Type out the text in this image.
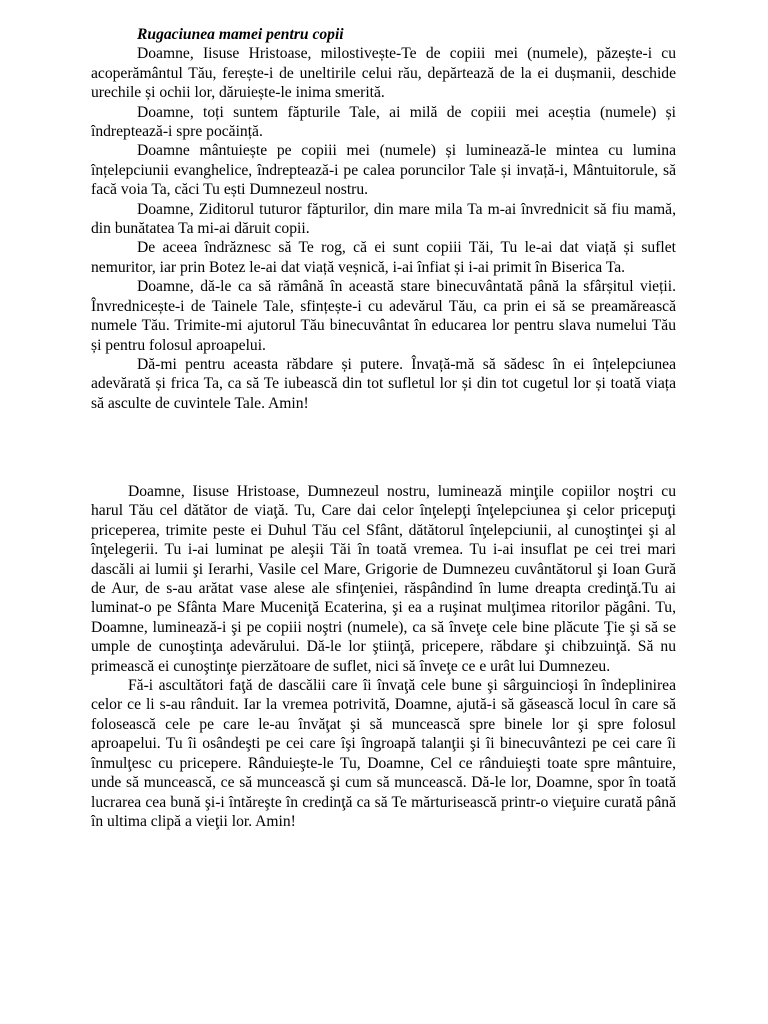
Rugaciunea mamei pentru copii

Doamne, Iisuse Hristoase, milostivește-Te de copiii mei (numele), păzește-i cu acoperământul Tău, ferește-i de uneltirile celui rău, depărtează de la ei dușmanii, deschide urechile și ochii lor, dăruiește-le inima smerită.

Doamne, toți suntem făpturile Tale, ai milă de copiii mei aceștia (numele) și îndreptează-i spre pocăință.

Doamne mântuiește pe copiii mei (numele) și luminează-le mintea cu lumina înțelepciunii evanghelice, îndreptează-i pe calea poruncilor Tale și invață-i, Mântuitorule, să facă voia Ta, căci Tu ești Dumnezeul nostru.

Doamne, Ziditorul tuturor făpturilor, din mare mila Ta m-ai învrednicit să fiu mamă, din bunătatea Ta mi-ai dăruit copii.

De aceea îndrăznesc să Te rog, că ei sunt copiii Tăi, Tu le-ai dat viață și suflet nemuritor, iar prin Botez le-ai dat viață veșnică, i-ai înfiat și i-ai primit în Biserica Ta.

Doamne, dă-le ca să rămână în această stare binecuvântată până la sfârșitul vieții. Învrednicește-i de Tainele Tale, sfințește-i cu adevărul Tău, ca prin ei să se preamărească numele Tău. Trimite-mi ajutorul Tău binecuvântat în educarea lor pentru slava numelui Tău și pentru folosul aproapelui.

Dă-mi pentru aceasta răbdare și putere. Învață-mă să sădesc în ei înțelepciunea adevărată și frica Ta, ca să Te iubească din tot sufletul lor și din tot cugetul lor și toată viața să asculte de cuvintele Tale. Amin!

Doamne, Iisuse Hristoase, Dumnezeul nostru, luminează minţile copiilor noştri cu harul Tău cel dătător de viaţă. Tu, Care dai celor înţelepţi înţelepciunea şi celor pricepuţi priceperea, trimite peste ei Duhul Tău cel Sfânt, dătătorul înţelepciunii, al cunoştinţei şi al înţelegerii. Tu i-ai luminat pe aleşii Tăi în toată vremea. Tu i-ai insuflat pe cei trei mari dascăli ai lumii şi Ierarhi, Vasile cel Mare, Grigorie de Dumnezeu cuvântătorul şi Ioan Gură de Aur, de s-au arătat vase alese ale sfinţeniei, răspândind în lume dreapta credinţă.Tu ai luminat-o pe Sfânta Mare Muceniţă Ecaterina, şi ea a ruşinat mulţimea ritorilor păgâni. Tu, Doamne, luminează-i şi pe copiii noştri (numele), ca să înveţe cele bine plăcute Ţie şi să se umple de cunoştinţa adevărului. Dă-le lor ştiinţă, pricepere, răbdare şi chibzuinţă. Să nu primească ei cunoştinţe pierzătoare de suflet, nici să înveţe ce e urât lui Dumnezeu.

Fă-i ascultători faţă de dascălii care îi învaţă cele bune şi sârguincioşi în îndeplinirea celor ce li s-au rânduit. Iar la vremea potrivită, Doamne, ajută-i să găsească locul în care să folosească cele pe care le-au învăţat şi să muncească spre binele lor şi spre folosul aproapelui. Tu îi osândeşti pe cei care îşi îngroapă talanţii şi îi binecuvântezi pe cei care îi înmulţesc cu pricepere. Rânduieşte-le Tu, Doamne, Cel ce rânduieşti toate spre mântuire, unde să muncească, ce să muncească şi cum să muncească. Dă-le lor, Doamne, spor în toată lucrarea cea bună şi-i întăreşte în credinţă ca să Te mărturisească printr-o vieţuire curată până în ultima clipă a vieţii lor. Amin!
